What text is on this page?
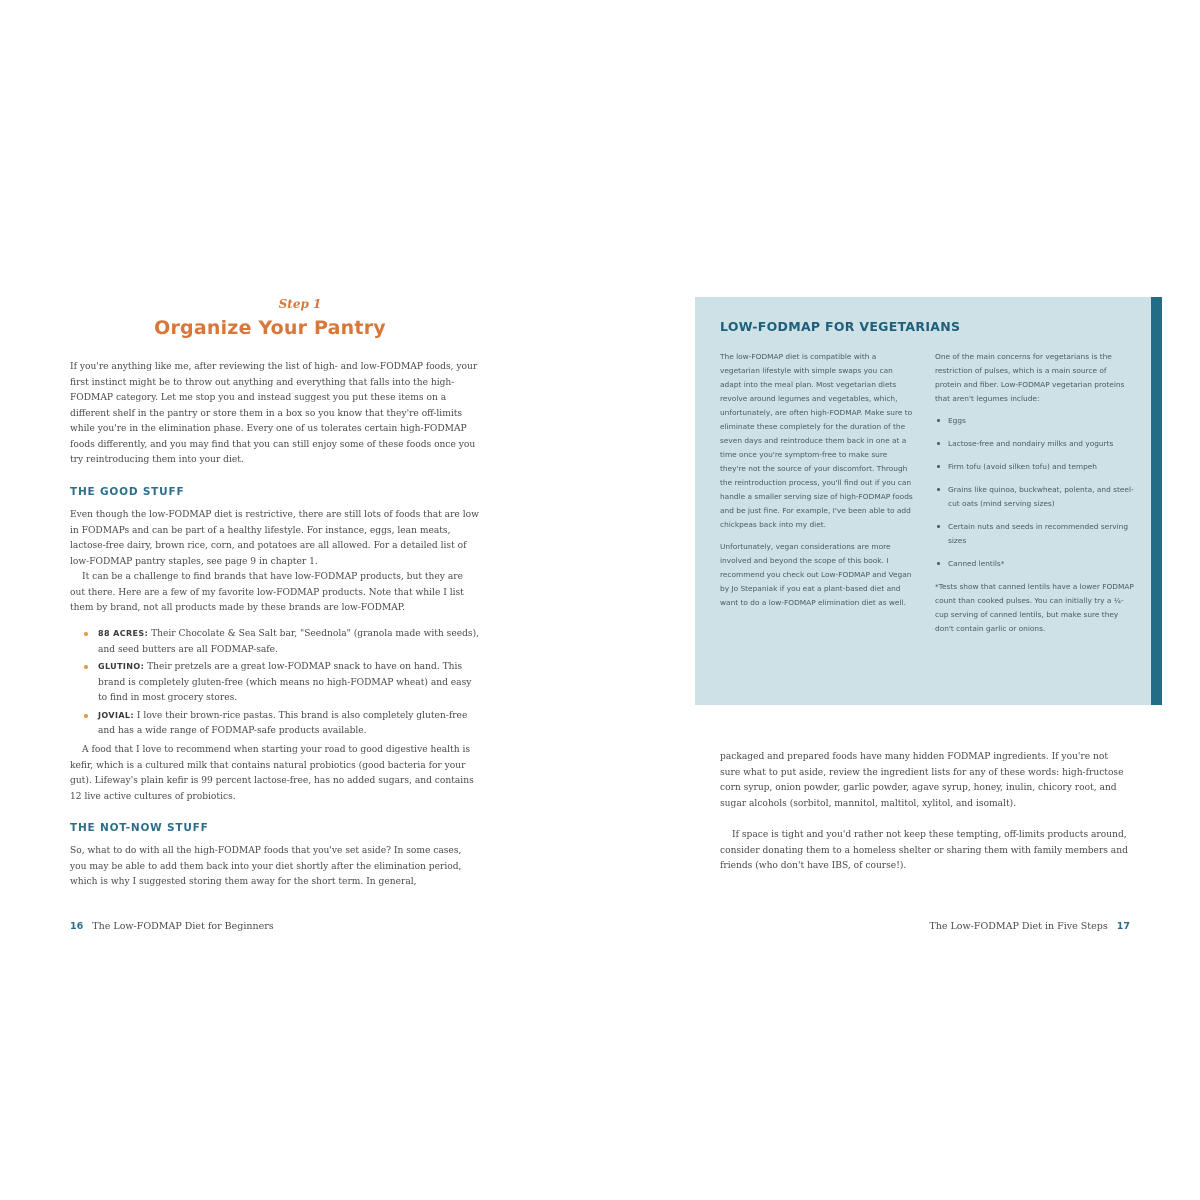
Step 1
Organize Your Pantry

If you're anything like me, after reviewing the list of high- and low-FODMAP foods, your first instinct might be to throw out anything and everything that falls into the high-FODMAP category. Let me stop you and instead suggest you put these items on a different shelf in the pantry or store them in a box so you know that they're off-limits while you're in the elimination phase. Every one of us tolerates certain high-FODMAP foods differently, and you may find that you can still enjoy some of these foods once you try reintroducing them into your diet.

THE GOOD STUFF

Even though the low-FODMAP diet is restrictive, there are still lots of foods that are low in FODMAPs and can be part of a healthy lifestyle. For instance, eggs, lean meats, lactose-free dairy, brown rice, corn, and potatoes are all allowed. For a detailed list of low-FODMAP pantry staples, see page 9 in chapter 1.

It can be a challenge to find brands that have low-FODMAP products, but they are out there. Here are a few of my favorite low-FODMAP products. Note that while I list them by brand, not all products made by these brands are low-FODMAP.

88 ACRES: Their Chocolate & Sea Salt bar, "Seednola" (granola made with seeds), and seed butters are all FODMAP-safe.
GLUTINO: Their pretzels are a great low-FODMAP snack to have on hand. This brand is completely gluten-free (which means no high-FODMAP wheat) and easy to find in most grocery stores.
JOVIAL: I love their brown-rice pastas. This brand is also completely gluten-free and has a wide range of FODMAP-safe products available.

A food that I love to recommend when starting your road to good digestive health is kefir, which is a cultured milk that contains natural probiotics (good bacteria for your gut). Lifeway's plain kefir is 99 percent lactose-free, has no added sugars, and contains 12 live active cultures of probiotics.

THE NOT-NOW STUFF

So, what to do with all the high-FODMAP foods that you've set aside? In some cases, you may be able to add them back into your diet shortly after the elimination period, which is why I suggested storing them away for the short term. In general,

16 The Low-FODMAP Diet for Beginners
LOW-FODMAP FOR VEGETARIANS

The low-FODMAP diet is compatible with a vegetarian lifestyle with simple swaps you can adapt into the meal plan. Most vegetarian diets revolve around legumes and vegetables, which, unfortunately, are often high-FODMAP. Make sure to eliminate these completely for the duration of the seven days and reintroduce them back in one at a time once you're symptom-free to make sure they're not the source of your discomfort. Through the reintroduction process, you'll find out if you can handle a smaller serving size of high-FODMAP foods and be just fine. For example, I've been able to add chickpeas back into my diet.

Unfortunately, vegan considerations are more involved and beyond the scope of this book. I recommend you check out Low-FODMAP and Vegan by Jo Stepaniak if you eat a plant-based diet and want to do a low-FODMAP elimination diet as well.

One of the main concerns for vegetarians is the restriction of pulses, which is a main source of protein and fiber. Low-FODMAP vegetarian proteins that aren't legumes include:

Eggs
Lactose-free and nondairy milks and yogurts
Firm tofu (avoid silken tofu) and tempeh
Grains like quinoa, buckwheat, polenta, and steel-cut oats (mind serving sizes)
Certain nuts and seeds in recommended serving sizes
Canned lentils*

*Tests show that canned lentils have a lower FODMAP count than cooked pulses. You can initially try a ¼-cup serving of canned lentils, but make sure they don't contain garlic or onions.

packaged and prepared foods have many hidden FODMAP ingredients. If you're not sure what to put aside, review the ingredient lists for any of these words: high-fructose corn syrup, onion powder, garlic powder, agave syrup, honey, inulin, chicory root, and sugar alcohols (sorbitol, mannitol, maltitol, xylitol, and isomalt).

If space is tight and you'd rather not keep these tempting, off-limits products around, consider donating them to a homeless shelter or sharing them with family members and friends (who don't have IBS, of course!).

The Low-FODMAP Diet in Five Steps 17
